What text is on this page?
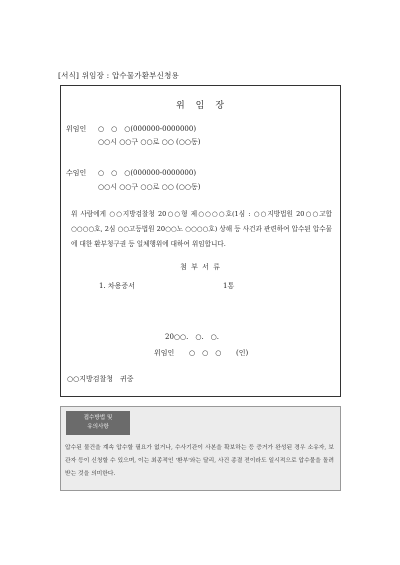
[서식] 위임장 : 압수물가환부신청용
위　임　장
위임인 ○　○　○(000000-0000000)
○○시 ○○구 ○○로 ○○ (○○동)
수임인 ○　○　○(000000-0000000)
○○시 ○○구 ○○로 ○○ (○○동)
위 사람에게 ○○지방검찰청 20○○형 제○○○○호(1심 : ○○지방법원 20○○고합 ○○○○호, 2심 ○○고등법원 20○○노 ○○○○호) 상해 등 사건과 관련하여 압수된 압수물에 대한 환부청구권 등 일체행위에 대하여 위임합니다.
첨 부 서 류
1. 차용증서	1통
20○○.　○.　○.
위임인 ○　○　○ (인)
○○지방검찰청　귀중
접수방법 및
유의사항
압수된 물건을 계속 압수할 필요가 없거나, 수사기관이 사본을 확보하는 등 증거가 완성된 경우 소유자, 보관자 등이 신청할 수 있으며, 이는 최종적인 '환부'와는 달리, 사건 종결 전이라도 일시적으로 압수물을 돌려받는 것을 의미한다.
